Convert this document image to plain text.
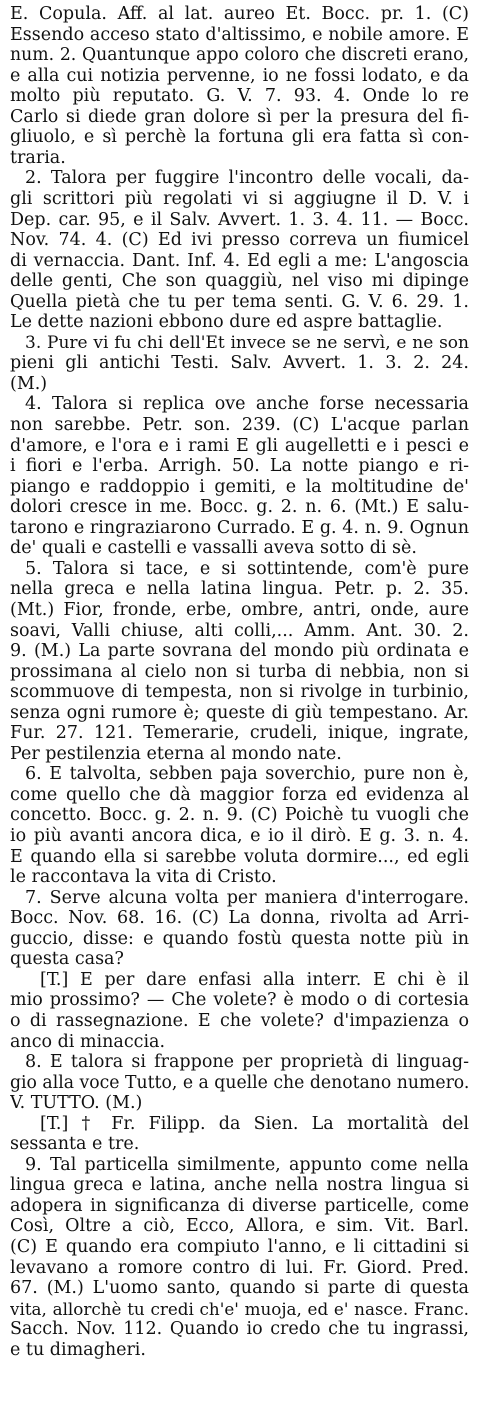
E. Copula. Aff. al lat. aureo Et. Bocc. pr. 1. (C)
Essendo acceso stato d'altissimo, e nobile amore. E
num. 2. Quantunque appo coloro che discreti erano,
e alla cui notizia pervenne, io ne fossi lodato, e da
molto più reputato. G. V. 7. 93. 4. Onde lo re
Carlo si diede gran dolore sì per la presura del fi-
gliuolo, e sì perchè la fortuna gli era fatta sì con-
traria.
2. Talora per fuggire l'incontro delle vocali, da-
gli scrittori più regolati vi si aggiugne il D. V. i
Dep. car. 95, e il Salv. Avvert. 1. 3. 4. 11. — Bocc.
Nov. 74. 4. (C) Ed ivi presso correva un fiumicel
di vernaccia. Dant. Inf. 4. Ed egli a me: L'angoscia
delle genti, Che son quaggiù, nel viso mi dipinge
Quella pietà che tu per tema senti. G. V. 6. 29. 1.
Le dette nazioni ebbono dure ed aspre battaglie.
3. Pure vi fu chi dell'Et invece se ne servì, e ne son
pieni gli antichi Testi. Salv. Avvert. 1. 3. 2. 24.
(M.)
4. Talora si replica ove anche forse necessaria
non sarebbe. Petr. son. 239. (C) L'acque parlan
d'amore, e l'ora e i rami E gli augelletti e i pesci e
i fiori e l'erba. Arrigh. 50. La notte piango e ri-
piango e raddoppio i gemiti, e la moltitudine de'
dolori cresce in me. Bocc. g. 2. n. 6. (Mt.) E salu-
tarono e ringraziarono Currado. E g. 4. n. 9. Ognun
de' quali e castelli e vassalli aveva sotto di sè.
5. Talora si tace, e si sottintende, com'è pure
nella greca e nella latina lingua. Petr. p. 2. 35.
(Mt.) Fior, fronde, erbe, ombre, antri, onde, aure
soavi, Valli chiuse, alti colli,... Amm. Ant. 30. 2.
9. (M.) La parte sovrana del mondo più ordinata e
prossimana al cielo non si turba di nebbia, non si
scommuove di tempesta, non si rivolge in turbinio,
senza ogni rumore è; queste di giù tempestano. Ar.
Fur. 27. 121. Temerarie, crudeli, inique, ingrate,
Per pestilenzia eterna al mondo nate.
6. E talvolta, sebben paja soverchio, pure non è,
come quello che dà maggior forza ed evidenza al
concetto. Bocc. g. 2. n. 9. (C) Poichè tu vuogli che
io più avanti ancora dica, e io il dirò. E g. 3. n. 4.
E quando ella si sarebbe voluta dormire..., ed egli
le raccontava la vita di Cristo.
7. Serve alcuna volta per maniera d'interrogare.
Bocc. Nov. 68. 16. (C) La donna, rivolta ad Arri-
guccio, disse: e quando fostù questa notte più in
questa casa?
[T.] E per dare enfasi alla interr. E chi è il
mio prossimo? — Che volete? è modo o di cortesia
o di rassegnazione. E che volete? d'impazienza o
anco di minaccia.
8. E talora si frappone per proprietà di linguag-
gio alla voce Tutto, e a quelle che denotano numero.
V. TUTTO. (M.)
[T.] † Fr. Filipp. da Sien. La mortalità del
sessanta e tre.
9. Tal particella similmente, appunto come nella
lingua greca e latina, anche nella nostra lingua si
adopera in significanza di diverse particelle, come
Così, Oltre a ciò, Ecco, Allora, e sim. Vit. Barl.
(C) E quando era compiuto l'anno, e li cittadini si
levavano a romore contro di lui. Fr. Giord. Pred.
67. (M.) L'uomo santo, quando si parte di questa
vita, allorchè tu credi ch'e' muoja, ed e' nasce. Franc.
Sacch. Nov. 112. Quando io credo che tu ingrassi,
e tu dimagheri.
